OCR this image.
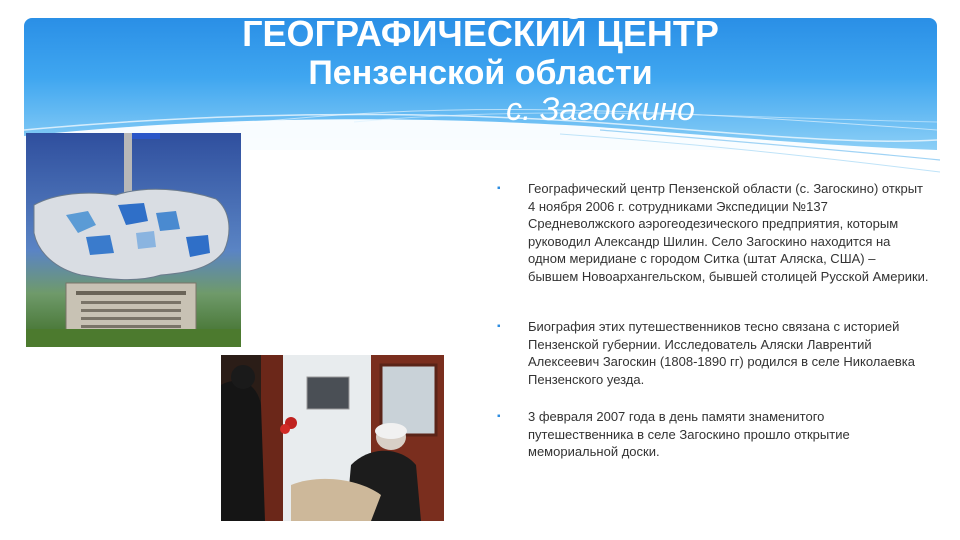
ГЕОГРАФИЧЕСКИЙ ЦЕНТР
Пензенской области
с. Загоскино

▪ Географический центр Пензенской области (с. Загоскино) открыт 4 ноября 2006 г. сотрудниками Экспедиции №137 Средневолжского аэрогеодезического предприятия, которым руководил Александр Шилин. Село Загоскино находится на одном меридиане с городом Ситка (штат Аляска, США) – бывшем Новоархангельском, бывшей столицей Русской Америки.

▪ Биография этих путешественников тесно связана с историей Пензенской губернии. Исследователь Аляски Лаврентий Алексеевич Загоскин (1808-1890 гг) родился в селе Николаевка Пензенского уезда.

▪ 3 февраля 2007 года в день памяти знаменитого путешественника в селе Загоскино прошло открытие мемориальной доски.
